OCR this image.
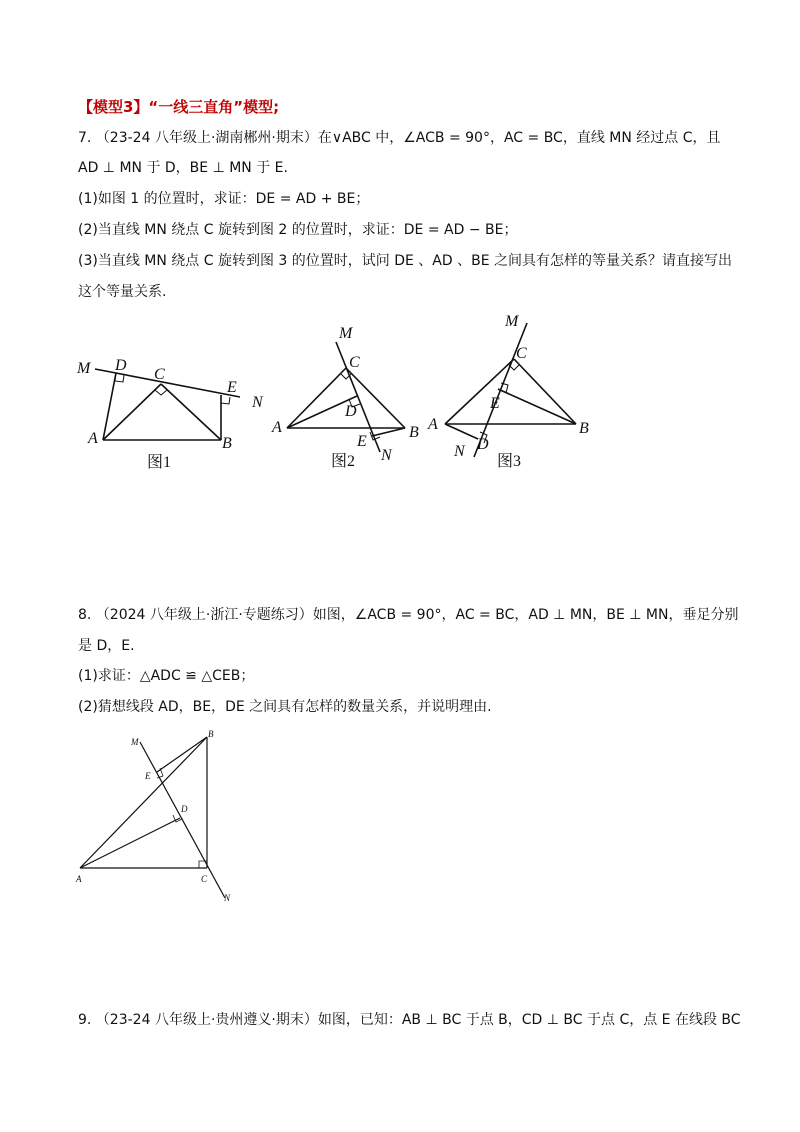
【模型3】“一线三直角”模型;
7. （23-24 八年级上·湖南郴州·期末）在∨ABC 中，∠ACB = 90°，AC = BC，直线 MN 经过点 C，且
AD ⊥ MN 于 D，BE ⊥ MN 于 E.
(1)如图 1 的位置时，求证：DE = AD + BE；
(2)当直线 MN 绕点 C 旋转到图 2 的位置时，求证：DE = AD − BE；
(3)当直线 MN 绕点 C 旋转到图 3 的位置时，试问 DE 、AD 、BE 之间具有怎样的等量关系？请直接写出
这个等量关系.
M D
C
E
N
A	B
图1
M
C
D
A
E
B
N
图2
M
C
E
A	B
N D
图3
8. （2024 八年级上·浙江·专题练习）如图，∠ACB = 90°，AC = BC，AD ⊥ MN，BE ⊥ MN，垂足分别
是 D，E.
(1)求证：△ADC ≌ △CEB；
(2)猜想线段 AD，BE，DE 之间具有怎样的数量关系，并说明理由.
M
B
E
D
A	C
N
9. （23-24 八年级上·贵州遵义·期末）如图，已知：AB ⊥ BC 于点 B，CD ⊥ BC 于点 C，点 E 在线段 BC
